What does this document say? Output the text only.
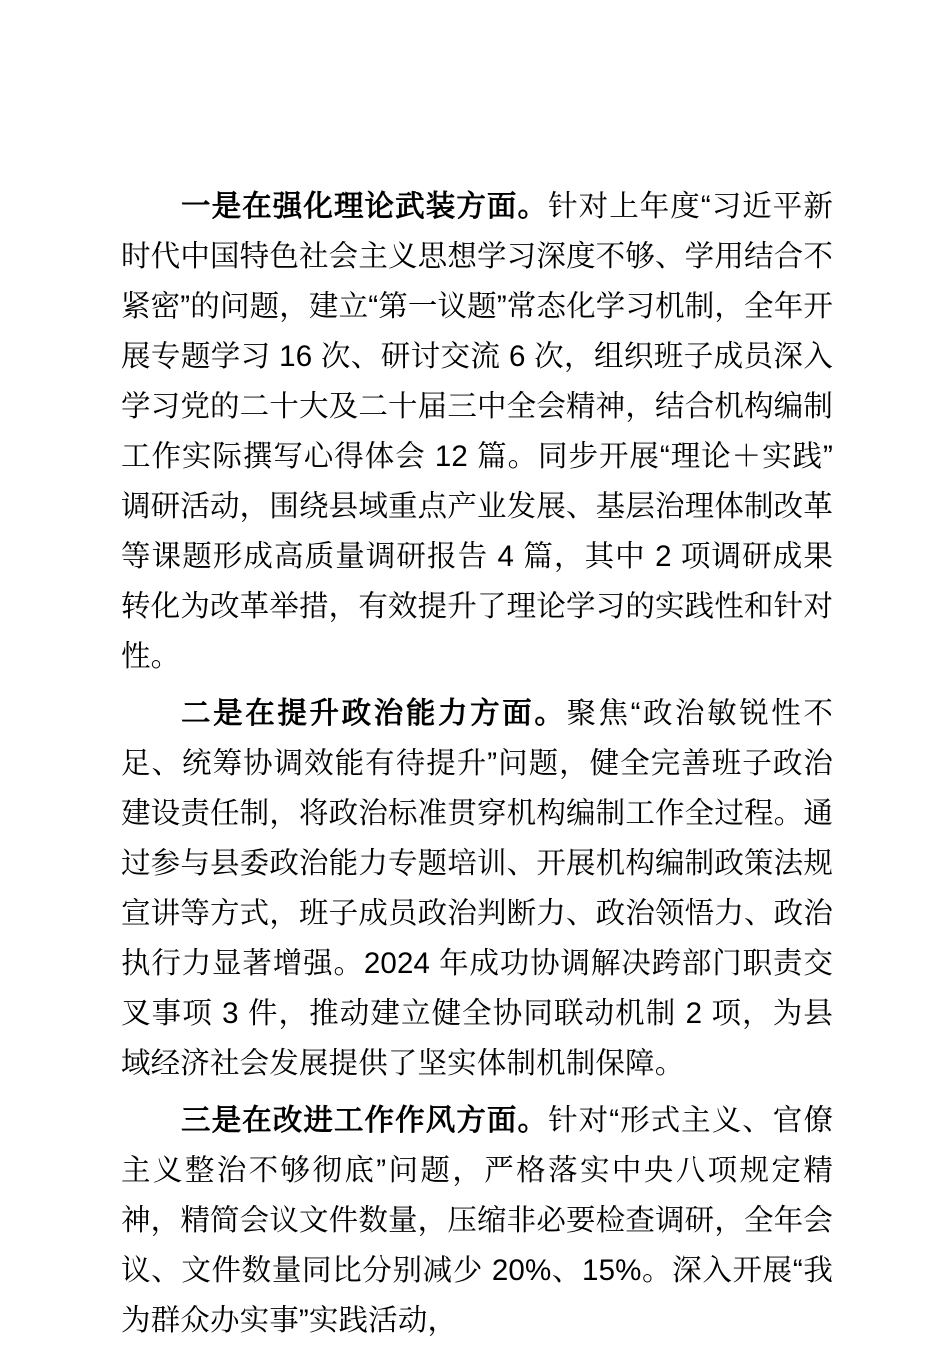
一是在强化理论武装方面。针对上年度“习近平新时代中国特色社会主义思想学习深度不够、学用结合不紧密”的问题，建立“第一议题”常态化学习机制，全年开展专题学习 16 次、研讨交流 6 次，组织班子成员深入学习党的二十大及二十届三中全会精神，结合机构编制工作实际撰写心得体会 12 篇。同步开展“理论＋实践”调研活动，围绕县域重点产业发展、基层治理体制改革等课题形成高质量调研报告 4 篇，其中 2 项调研成果转化为改革举措，有效提升了理论学习的实践性和针对性。

二是在提升政治能力方面。聚焦“政治敏锐性不足、统筹协调效能有待提升”问题，健全完善班子政治建设责任制，将政治标准贯穿机构编制工作全过程。通过参与县委政治能力专题培训、开展机构编制政策法规宣讲等方式，班子成员政治判断力、政治领悟力、政治执行力显著增强。2024 年成功协调解决跨部门职责交叉事项 3 件，推动建立健全协同联动机制 2 项，为县域经济社会发展提供了坚实体制机制保障。

三是在改进工作作风方面。针对“形式主义、官僚主义整治不够彻底”问题，严格落实中央八项规定精神，精简会议文件数量，压缩非必要检查调研，全年会议、文件数量同比分别减少 20%、15%。深入开展“我为群众办实事”实践活动，
